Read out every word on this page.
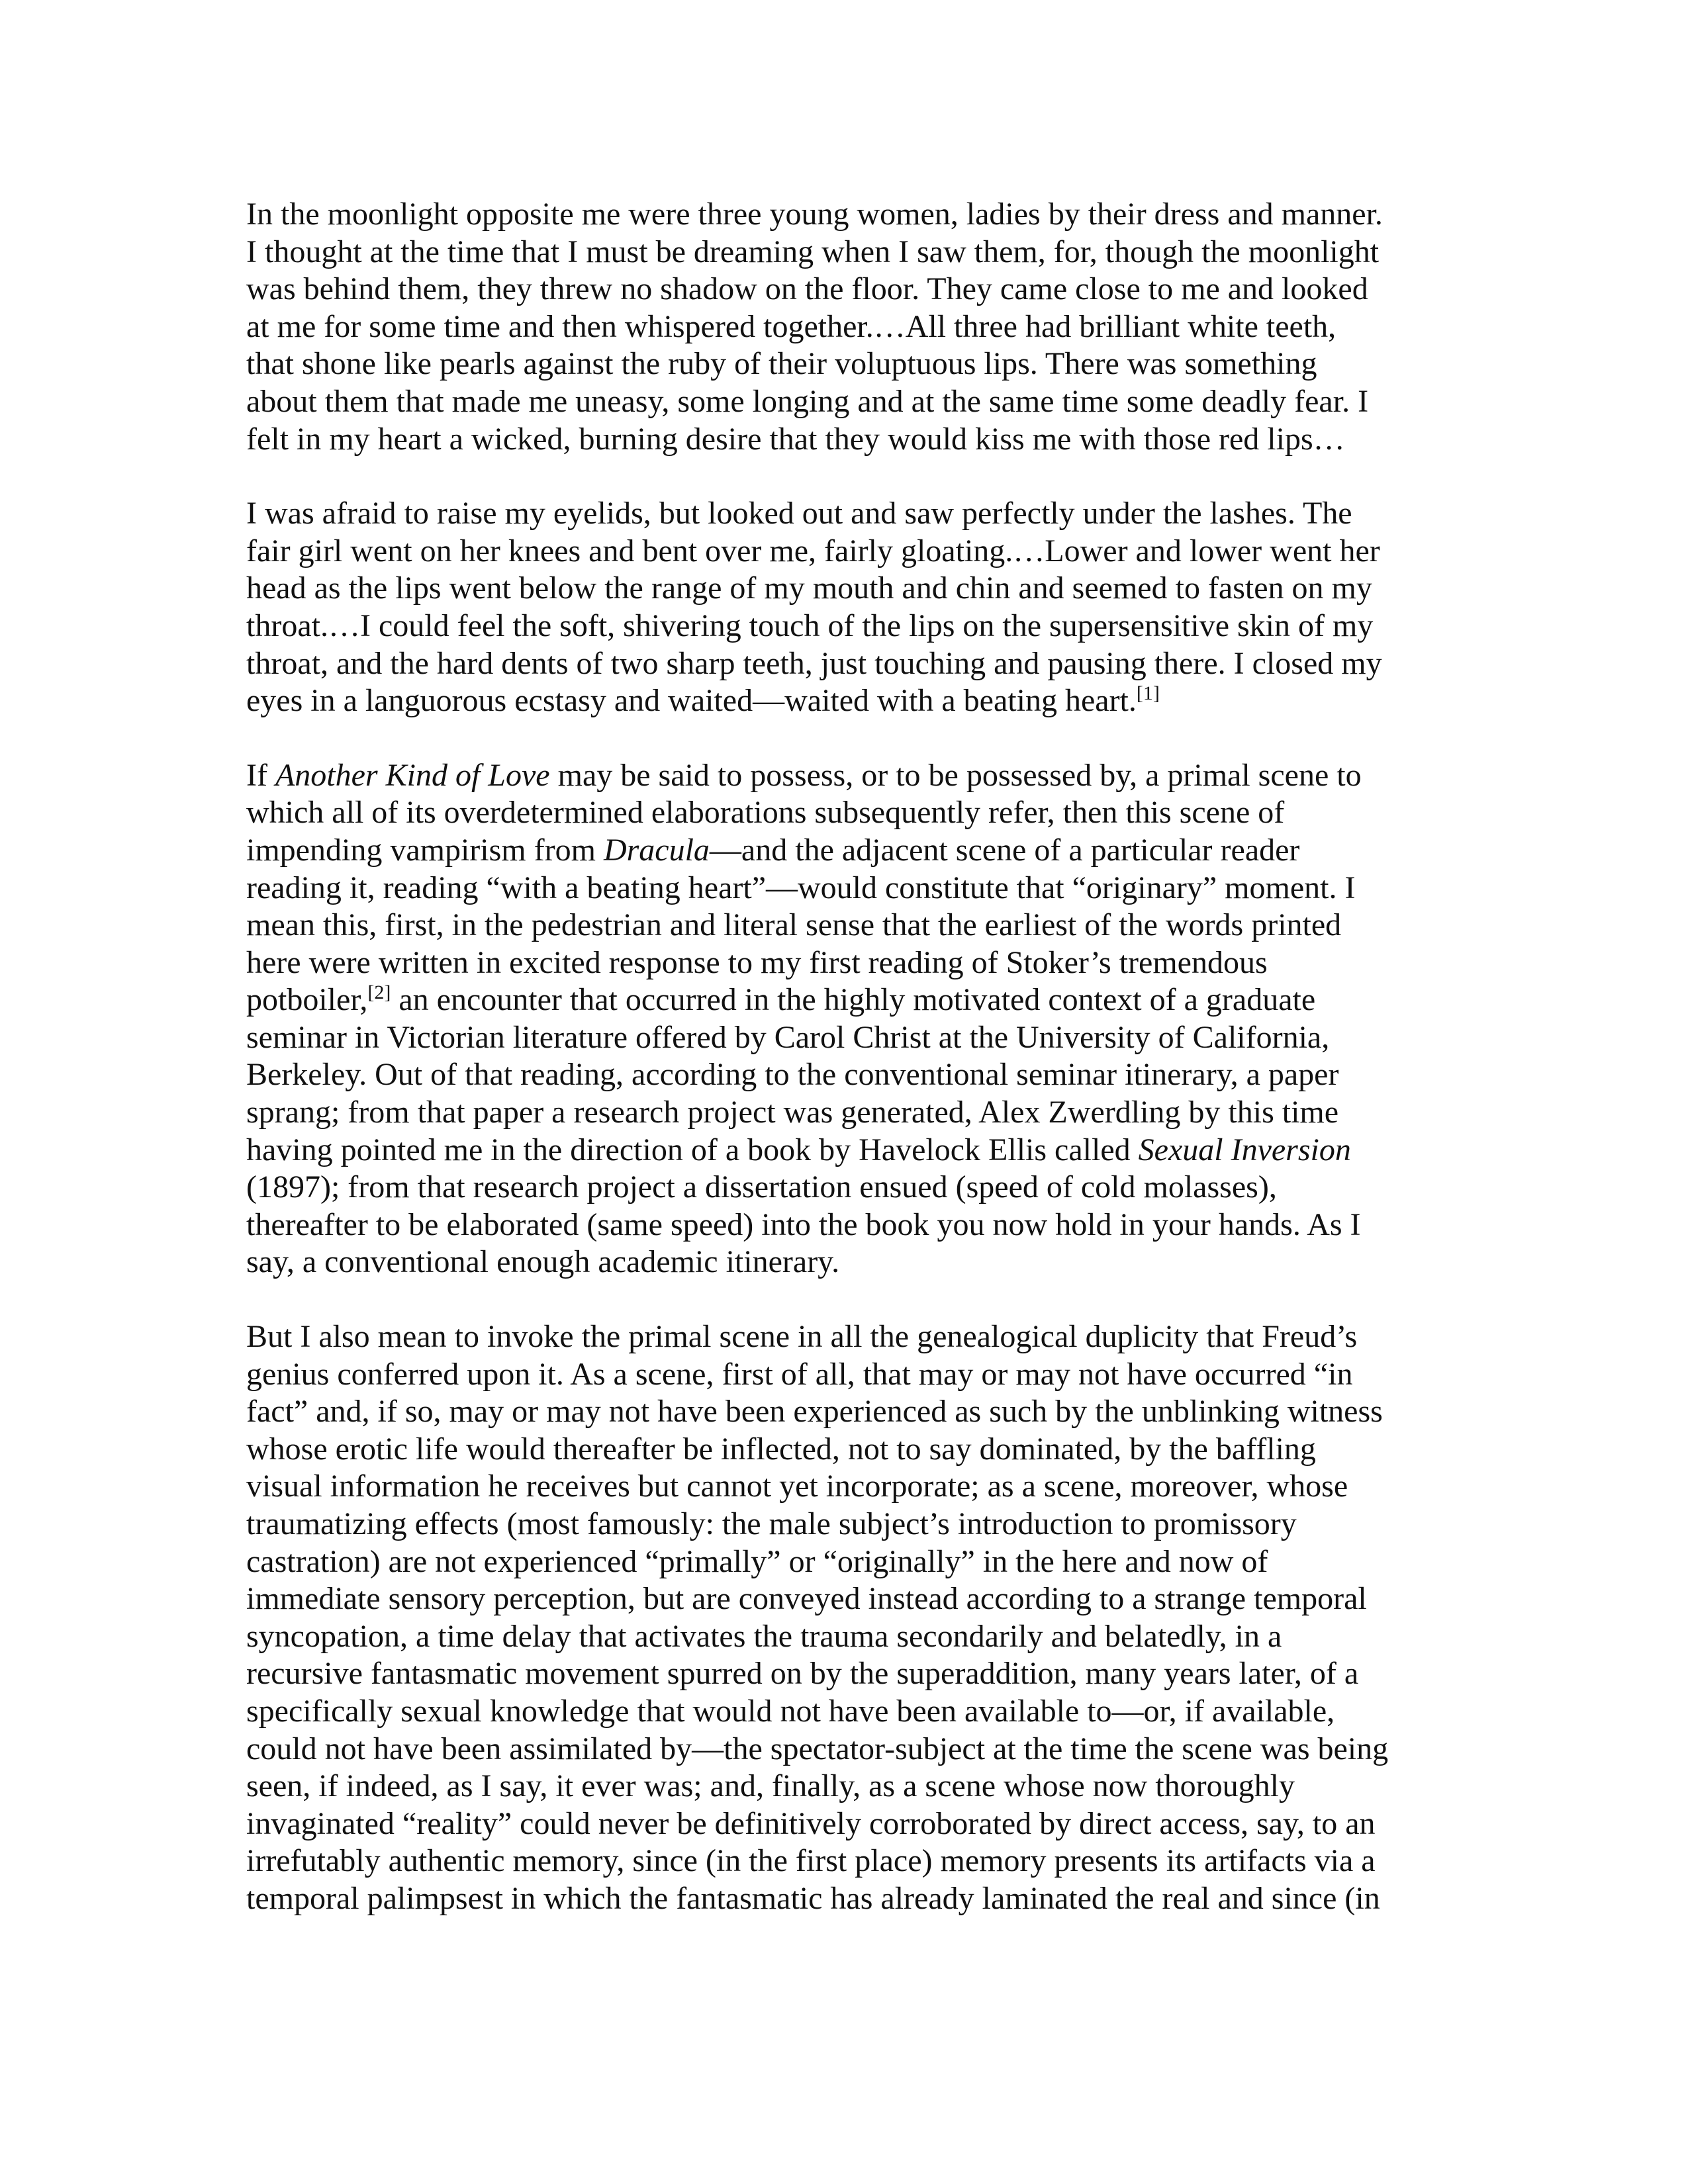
In the moonlight opposite me were three young women, ladies by their dress and manner.
I thought at the time that I must be dreaming when I saw them, for, though the moonlight
was behind them, they threw no shadow on the floor. They came close to me and looked
at me for some time and then whispered together.…All three had brilliant white teeth,
that shone like pearls against the ruby of their voluptuous lips. There was something
about them that made me uneasy, some longing and at the same time some deadly fear. I
felt in my heart a wicked, burning desire that they would kiss me with those red lips…
I was afraid to raise my eyelids, but looked out and saw perfectly under the lashes. The
fair girl went on her knees and bent over me, fairly gloating.…Lower and lower went her
head as the lips went below the range of my mouth and chin and seemed to fasten on my
throat.…I could feel the soft, shivering touch of the lips on the supersensitive skin of my
throat, and the hard dents of two sharp teeth, just touching and pausing there. I closed my
eyes in a languorous ecstasy and waited—waited with a beating heart.[1]
If Another Kind of Love may be said to possess, or to be possessed by, a primal scene to
which all of its overdetermined elaborations subsequently refer, then this scene of
impending vampirism from Dracula—and the adjacent scene of a particular reader
reading it, reading “with a beating heart”—would constitute that “originary” moment. I
mean this, first, in the pedestrian and literal sense that the earliest of the words printed
here were written in excited response to my first reading of Stoker’s tremendous
potboiler,[2] an encounter that occurred in the highly motivated context of a graduate
seminar in Victorian literature offered by Carol Christ at the University of California,
Berkeley. Out of that reading, according to the conventional seminar itinerary, a paper
sprang; from that paper a research project was generated, Alex Zwerdling by this time
having pointed me in the direction of a book by Havelock Ellis called Sexual Inversion
(1897); from that research project a dissertation ensued (speed of cold molasses),
thereafter to be elaborated (same speed) into the book you now hold in your hands. As I
say, a conventional enough academic itinerary.
But I also mean to invoke the primal scene in all the genealogical duplicity that Freud’s
genius conferred upon it. As a scene, first of all, that may or may not have occurred “in
fact” and, if so, may or may not have been experienced as such by the unblinking witness
whose erotic life would thereafter be inflected, not to say dominated, by the baffling
visual information he receives but cannot yet incorporate; as a scene, moreover, whose
traumatizing effects (most famously: the male subject’s introduction to promissory
castration) are not experienced “primally” or “originally” in the here and now of
immediate sensory perception, but are conveyed instead according to a strange temporal
syncopation, a time delay that activates the trauma secondarily and belatedly, in a
recursive fantasmatic movement spurred on by the superaddition, many years later, of a
specifically sexual knowledge that would not have been available to—or, if available,
could not have been assimilated by—the spectator-subject at the time the scene was being
seen, if indeed, as I say, it ever was; and, finally, as a scene whose now thoroughly
invaginated “reality” could never be definitively corroborated by direct access, say, to an
irrefutably authentic memory, since (in the first place) memory presents its artifacts via a
temporal palimpsest in which the fantasmatic has already laminated the real and since (in
